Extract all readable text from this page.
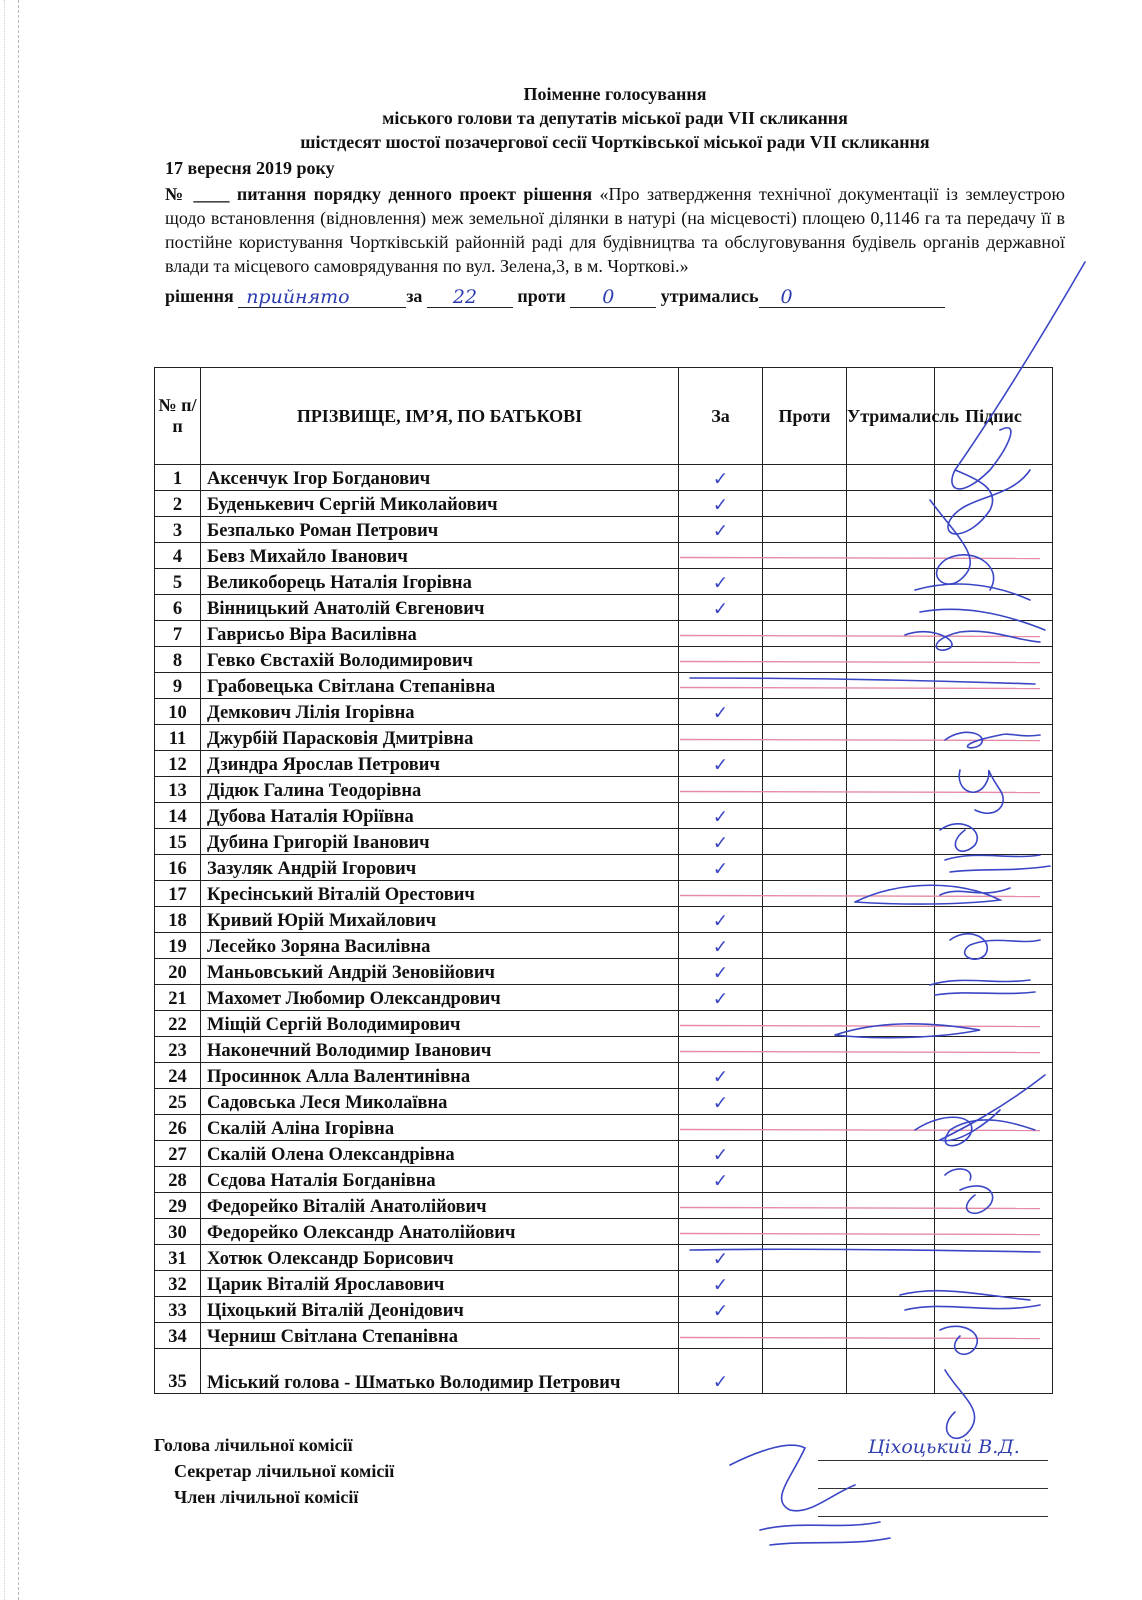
Поіменне голосування
міського голови та депутатів міської ради VII скликання
шістдесят шостої позачергової сесії Чортківської міської ради VII скликання
17 вересня 2019 року
№ ____ питання порядку денного проект рішення «Про затвердження технічної документації із землеустрою щодо встановлення (відновлення) меж земельної ділянки в натурі (на місцевості) площею 0,1146 га та передачу її в постійне користування Чортківській районній раді для будівництва та обслуговування будівель органів державної влади та місцевого самоврядування по вул. Зелена,3, в м. Чорткові.»
рішення прийнято	за 22 проти 0	утримались 0
№ п/п	ПРІЗВИЩЕ, ІМ’Я, ПО БАТЬКОВІ	За	Проти	Утрималисль	Підпис
1	Аксенчук Ігор Богданович	✓			
2	Буденькевич Сергій Миколайович	✓			
3	Безпалько Роман Петрович	✓			
4	Бевз Михайло Іванович				
5	Великоборець Наталія Ігорівна	✓			
6	Вінницький Анатолій Євгенович	✓			
7	Гаврисьо Віра Василівна				
8	Гевко Євстахій Володимирович				
9	Грабовецька Світлана Степанівна				
10	Демкович Лілія Ігорівна	✓			
11	Джурбій Парасковія Дмитрівна				
12	Дзиндра Ярослав Петрович	✓			
13	Дідюк Галина Теодорівна				
14	Дубова Наталія Юріївна	✓			
15	Дубина Григорій Іванович	✓			
16	Зазуляк Андрій Ігорович	✓			
17	Кресінський Віталій Орестович				
18	Кривий Юрій Михайлович	✓			
19	Лесейко Зоряна Василівна	✓			
20	Маньовський Андрій Зеновійович	✓			
21	Махомет Любомир Олександрович	✓			
22	Міщій Сергій Володимирович				
23	Наконечний Володимир Іванович				
24	Просиннок Алла Валентинівна	✓			
25	Садовська Леся Миколаївна	✓			
26	Скалій Аліна Ігорівна				
27	Скалій Олена Олександрівна	✓			
28	Сєдова Наталія Богданівна	✓			
29	Федорейко Віталій Анатолійович				
30	Федорейко Олександр Анатолійович				
31	Хотюк Олександр Борисович	✓			
32	Царик Віталій Ярославович	✓			
33	Ціхоцький Віталій Деонідович	✓			
34	Черниш Світлана Степанівна				
35	Міський голова - Шматько Володимир Петрович	✓			
Голова лічильної комісії
Секретар лічильної комісії
Член лічильної комісії
Ціхоцький В.Д.
